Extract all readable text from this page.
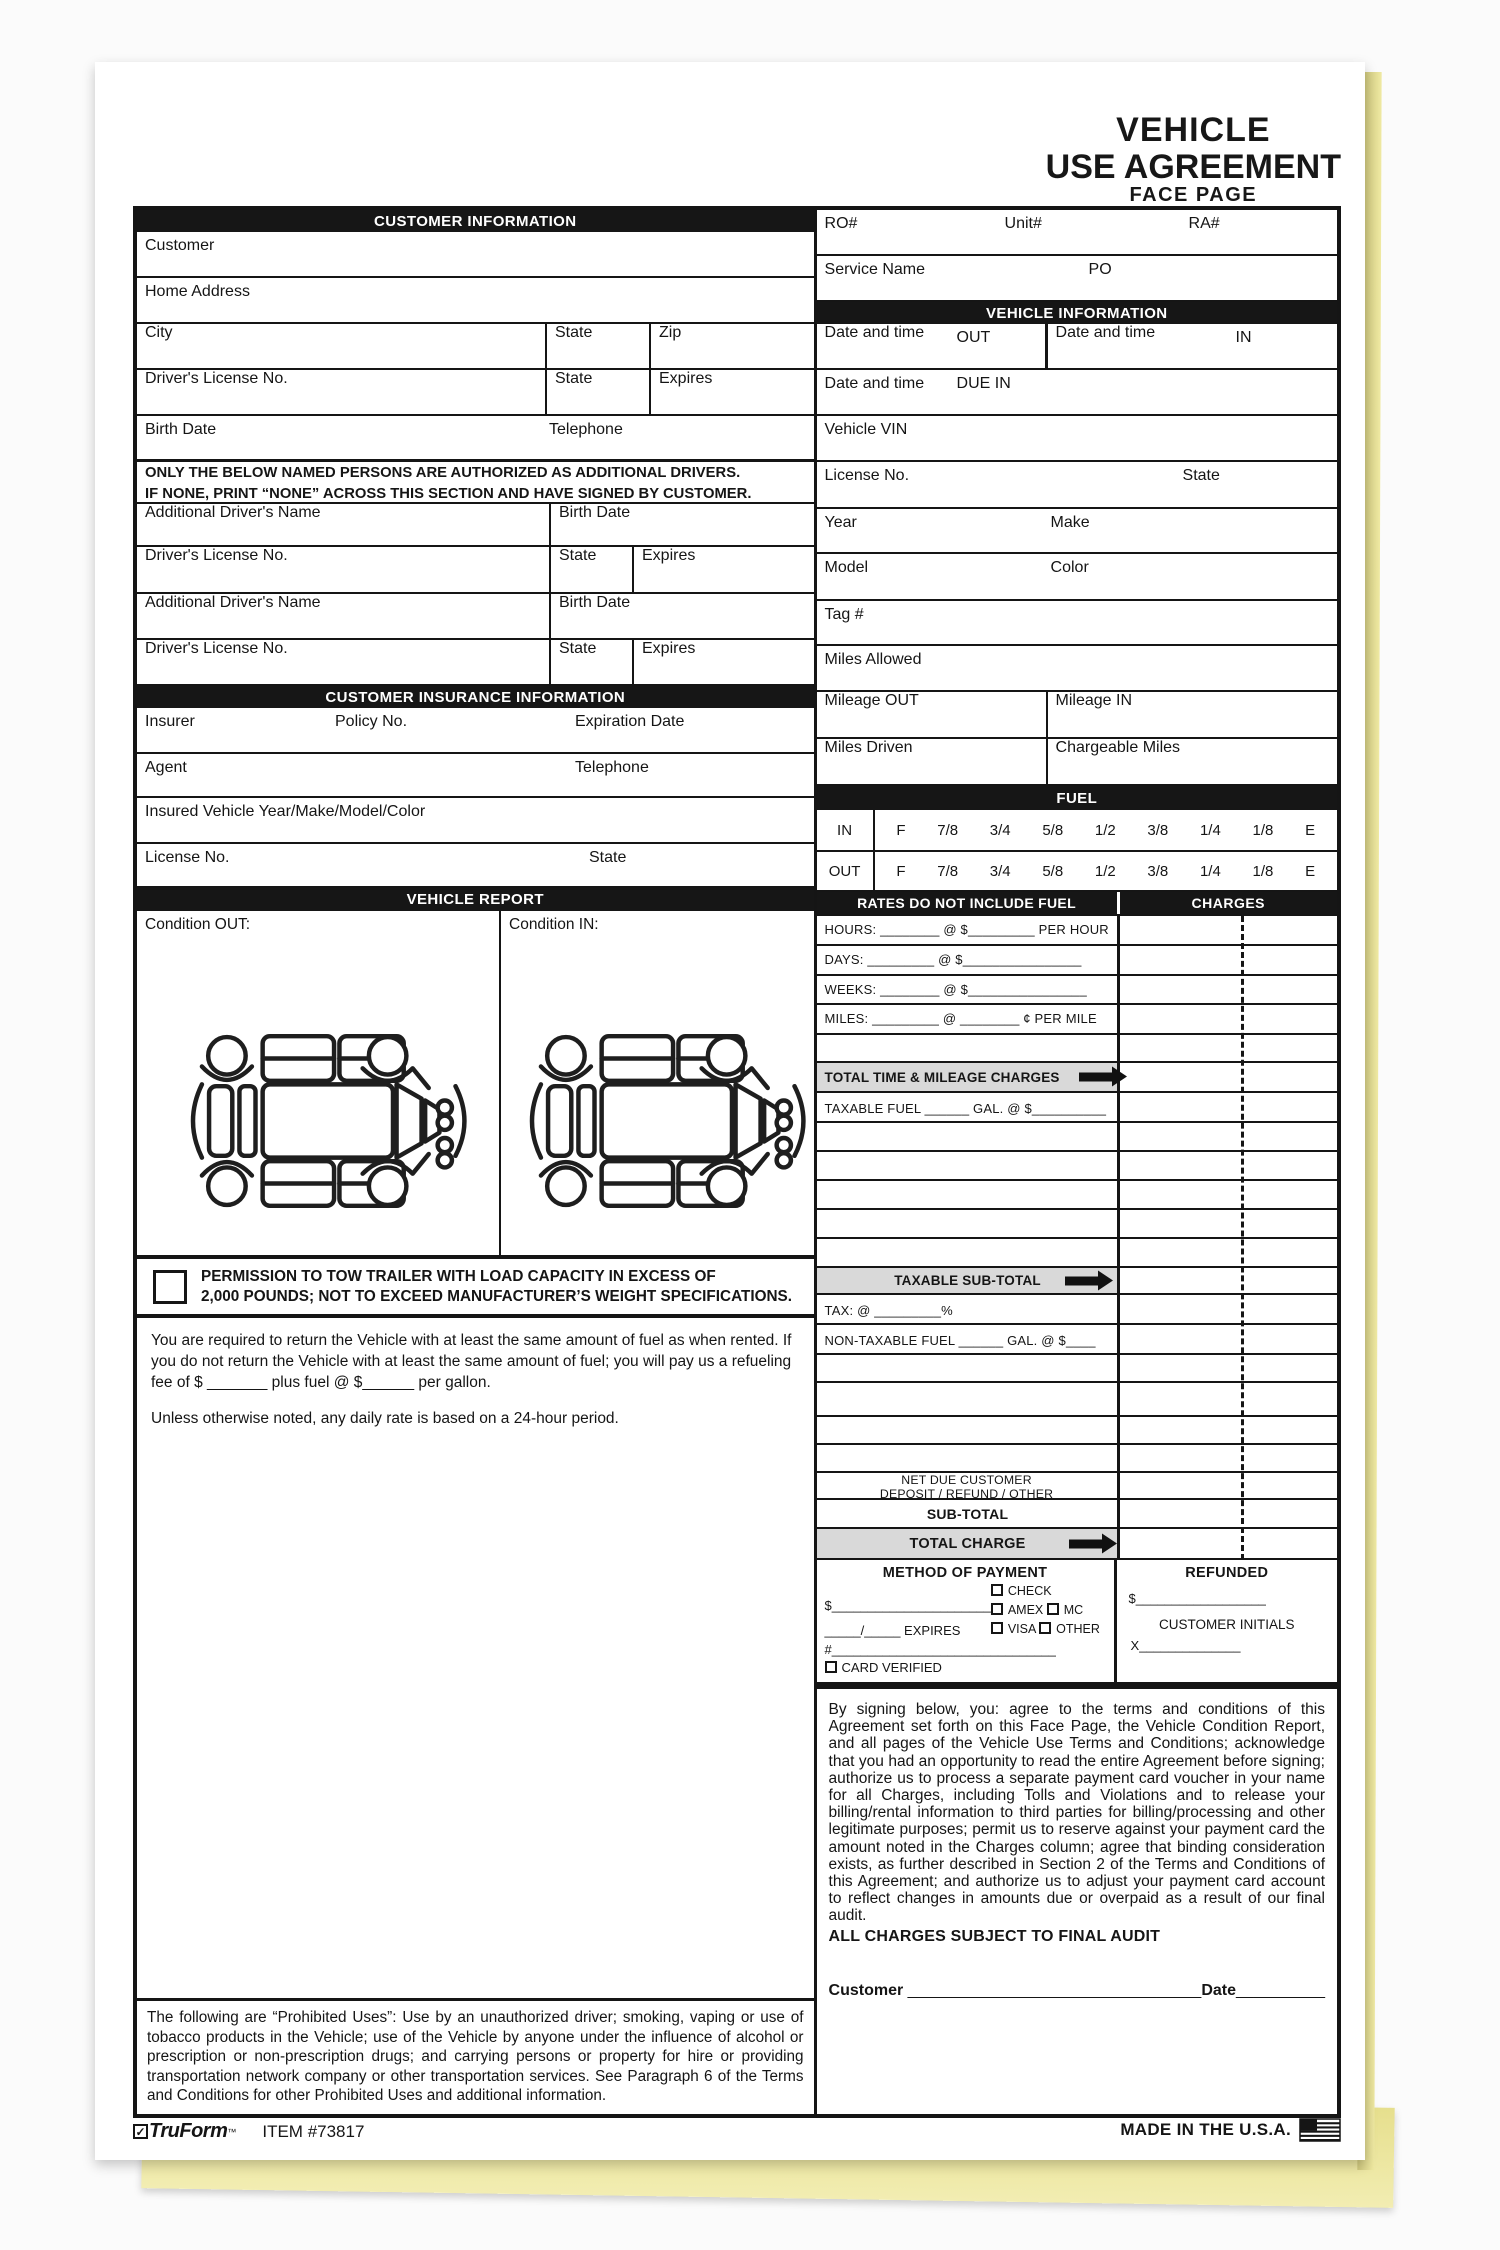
VEHICLE
USE AGREEMENT
FACE PAGE
CUSTOMER INFORMATION
Customer
Home Address
City	State	Zip
Driver's License No.	State	Expires
Birth Date	Telephone
ONLY THE BELOW NAMED PERSONS ARE AUTHORIZED AS ADDITIONAL DRIVERS.
IF NONE, PRINT “NONE” ACROSS THIS SECTION AND HAVE SIGNED BY CUSTOMER.
Additional Driver's Name	Birth Date
Driver's License No.	State	Expires
Additional Driver's Name	Birth Date
Driver's License No.	State	Expires
CUSTOMER INSURANCE INFORMATION
Insurer	Policy No.	Expiration Date
Agent	Telephone
Insured Vehicle Year/Make/Model/Color
License No.	State
VEHICLE REPORT
Condition OUT:	Condition IN:
PERMISSION TO TOW TRAILER WITH LOAD CAPACITY IN EXCESS OF
2,000 POUNDS; NOT TO EXCEED MANUFACTURER’S WEIGHT SPECIFICATIONS.

You are required to return the Vehicle with at least the same amount of fuel as when rented. If you do not return the Vehicle with at least the same amount of fuel; you will pay us a refueling fee of $ _______ plus fuel @ $______ per gallon.

Unless otherwise noted, any daily rate is based on a 24-hour period.

The following are “Prohibited Uses”: Use by an unauthorized driver; smoking, vaping or use of tobacco products in the Vehicle; use of the Vehicle by anyone under the influence of alcohol or prescription or non-prescription drugs; and carrying persons or property for hire or providing transportation network company or other transportation services. See Paragraph 6 of the Terms and Conditions for other Prohibited Uses and additional information.

RO#	Unit#	RA#
Service Name	PO
VEHICLE INFORMATION
Date and time OUT	Date and time	IN
Date and time	DUE IN
Vehicle VIN
License No.	State
Year	Make
Model	Color
Tag #
Miles Allowed
Mileage OUT	Mileage IN
Miles Driven	Chargeable Miles
FUEL
IN	F 7/8 3/4 5/8 1/2 3/8 1/4 1/8 E
OUT	F 7/8 3/4 5/8 1/2 3/8 1/4 1/8 E
RATES DO NOT INCLUDE FUEL	CHARGES
HOURS: ________ @ $_________ PER HOUR
DAYS: _________ @ $________________
WEEKS: ________ @ $________________
MILES: _________ @ ________ ¢ PER MILE
TOTAL TIME & MILEAGE CHARGES
TAXABLE FUEL ______ GAL. @ $__________
TAXABLE SUB-TOTAL
TAX: @ _________%
NON-TAXABLE FUEL ______ GAL. @ $____
NET DUE CUSTOMER
DEPOSIT / REFUND / OTHER
SUB-TOTAL
TOTAL CHARGE
METHOD OF PAYMENT
$______________________
_____/_____ EXPIRES
CHECK
AMEX MC
VISA OTHER
#_______________________________
CARD VERIFIED
REFUNDED
$__________________
CUSTOMER INITIALS
X______________

By signing below, you: agree to the terms and conditions of this Agreement set forth on this Face Page, the Vehicle Condition Report, and all pages of the Vehicle Use Terms and Conditions; acknowledge that you had an opportunity to read the entire Agreement before signing; authorize us to process a separate payment card voucher in your name for all Charges, including Tolls and Violations and to release your billing/rental information to third parties for billing/processing and other legitimate purposes; permit us to reserve against your payment card the amount noted in the Charges column; agree that binding consideration exists, as further described in Section 2 of the Terms and Conditions of this Agreement; and authorize us to adjust your payment card account to reflect changes in amounts due or overpaid as a result of our final audit.

ALL CHARGES SUBJECT TO FINAL AUDIT
Customer _________________________________Date__________
✓ TruForm ™ ITEM #73817	MADE IN THE U.S.A.
